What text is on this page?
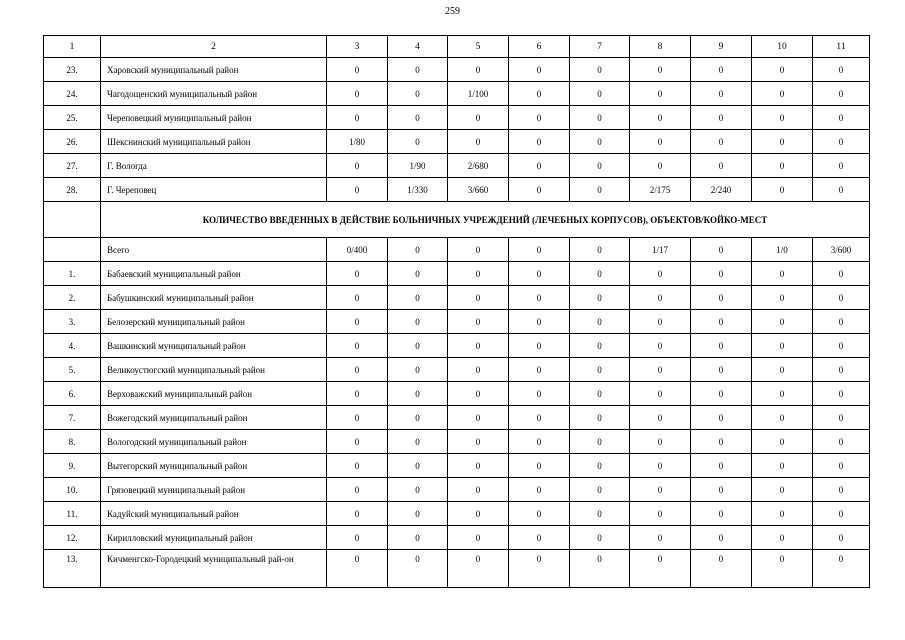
259
1	2	3	4	5	6	7	8	9	10	11
23.	Харовский муниципальный район	0	0	0	0	0	0	0	0	0
24.	Чагодощенский муниципальный район	0	0	1/100	0	0	0	0	0	0
25.	Череповецкий муниципальный район	0	0	0	0	0	0	0	0	0
26.	Шекснинский муниципальный район	1/80	0	0	0	0	0	0	0	0
27.	Г. Вологда	0	1/90	2/680	0	0	0	0	0	0
28.	Г. Череповец	0	1/330	3/660	0	0	2/175	2/240	0	0
	КОЛИЧЕСТВО ВВЕДЕННЫХ В ДЕЙСТВИЕ БОЛЬНИЧНЫХ УЧРЕЖДЕНИЙ (ЛЕЧЕБНЫХ КОРПУСОВ), ОБЪЕКТОВ/КОЙКО-МЕСТ									
	Всего	0/400	0	0	0	0	1/17	0	1/0	3/600
1.	Бабаевский муниципальный район	0	0	0	0	0	0	0	0	0
2.	Бабушкинский муниципальный район	0	0	0	0	0	0	0	0	0
3.	Белозерский муниципальный район	0	0	0	0	0	0	0	0	0
4.	Вашкинский муниципальный район	0	0	0	0	0	0	0	0	0
5.	Великоустюгский муниципальный район	0	0	0	0	0	0	0	0	0
6.	Верховажский муниципальный район	0	0	0	0	0	0	0	0	0
7.	Вожегодский муниципальный район	0	0	0	0	0	0	0	0	0
8.	Вологодский муниципальный район	0	0	0	0	0	0	0	0	0
9.	Вытегорский муниципальный район	0	0	0	0	0	0	0	0	0
10.	Грязовецкий муниципальный район	0	0	0	0	0	0	0	0	0
11.	Кадуйский муниципальный район	0	0	0	0	0	0	0	0	0
12.	Кирилловский муниципальный район	0	0	0	0	0	0	0	0	0
13.	Кичменгско-Городецкий муниципальный рай-он	0	0	0	0	0	0	0	0	0
